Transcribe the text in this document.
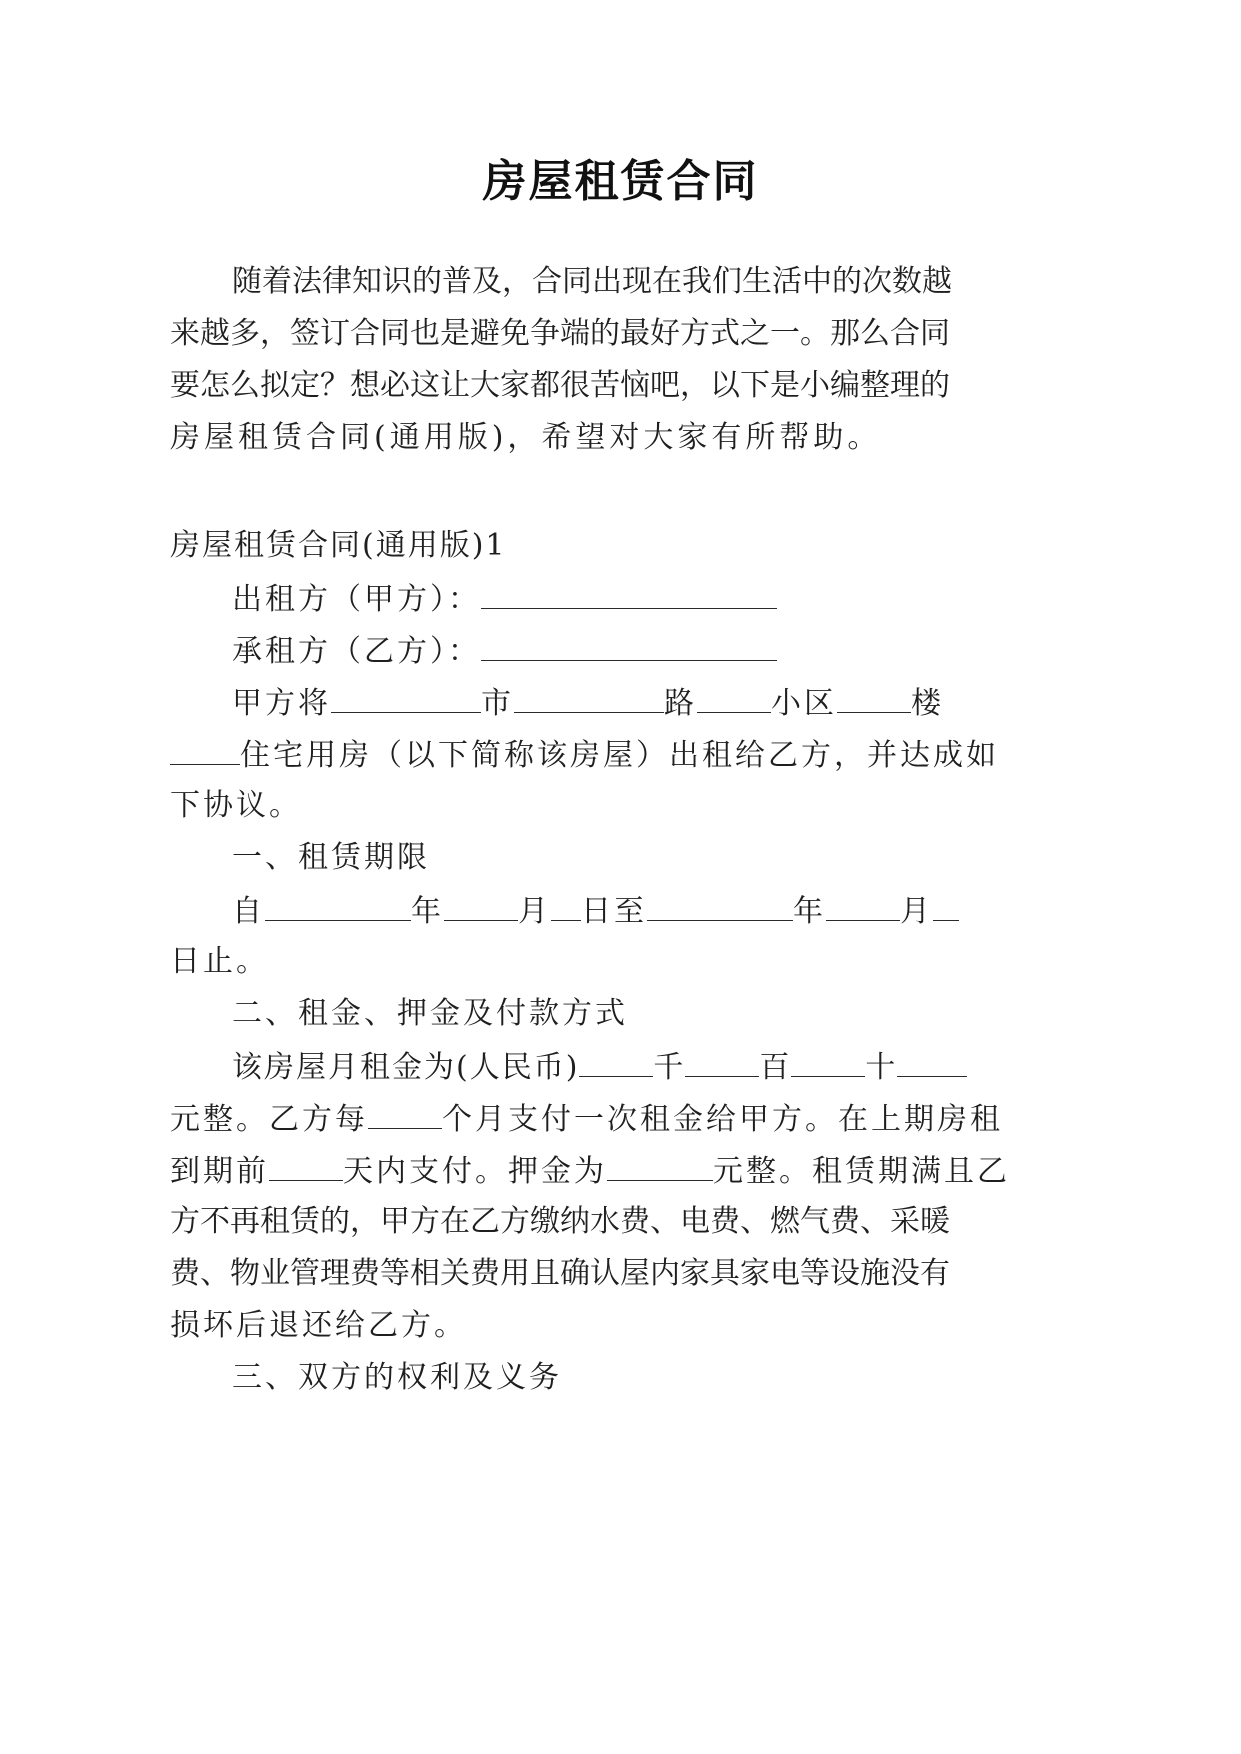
房屋租赁合同
随着法律知识的普及，合同出现在我们生活中的次数越
来越多，签订合同也是避免争端的最好方式之一。那么合同
要怎么拟定？想必这让大家都很苦恼吧，以下是小编整理的
房屋租赁合同(通用版)，希望对大家有所帮助。
房屋租赁合同(通用版)1
出租方（甲方）：
承租方（乙方）：
甲方将	市	路 小区 楼
住宅用房（以下简称该房屋）出租给乙方，并达成如
下协议。
一、租赁期限
自	年 月 日至	年 月
日止。
二、租金、押金及付款方式
该房屋月租金为(人民币) 千 百 十
元整。乙方每 个月支付一次租金给甲方。在上期房租
到期前 天内支付。押金为	元整。租赁期满且乙
方不再租赁的，甲方在乙方缴纳水费、电费、燃气费、采暖
费、物业管理费等相关费用且确认屋内家具家电等设施没有
损坏后退还给乙方。
三、双方的权利及义务
